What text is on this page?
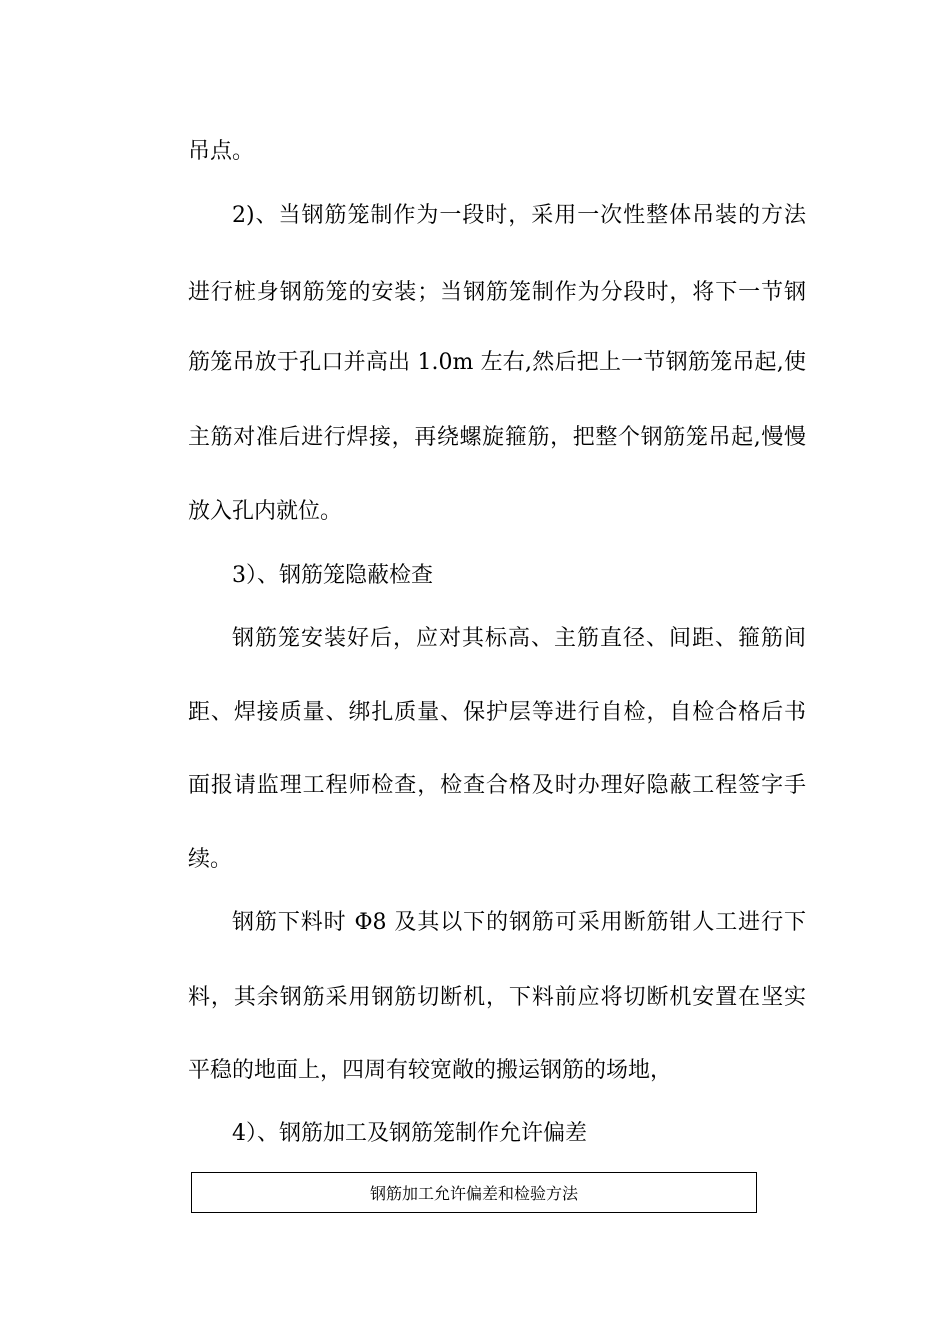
吊点。
2)、当钢筋笼制作为一段时，采用一次性整体吊装的方法
进行桩身钢筋笼的安装；当钢筋笼制作为分段时，将下一节钢
筋笼吊放于孔口并高出 1.0m 左右,然后把上一节钢筋笼吊起,使
主筋对准后进行焊接，再绕螺旋箍筋，把整个钢筋笼吊起,慢慢
放入孔内就位。
3）、钢筋笼隐蔽检查
钢筋笼安装好后，应对其标高、主筋直径、间距、箍筋间
距、焊接质量、绑扎质量、保护层等进行自检，自检合格后书
面报请监理工程师检查，检查合格及时办理好隐蔽工程签字手
续。
钢筋下料时 Φ8 及其以下的钢筋可采用断筋钳人工进行下
料，其余钢筋采用钢筋切断机，下料前应将切断机安置在坚实
平稳的地面上，四周有较宽敞的搬运钢筋的场地，
4）、钢筋加工及钢筋笼制作允许偏差
钢筋加工允许偏差和检验方法
